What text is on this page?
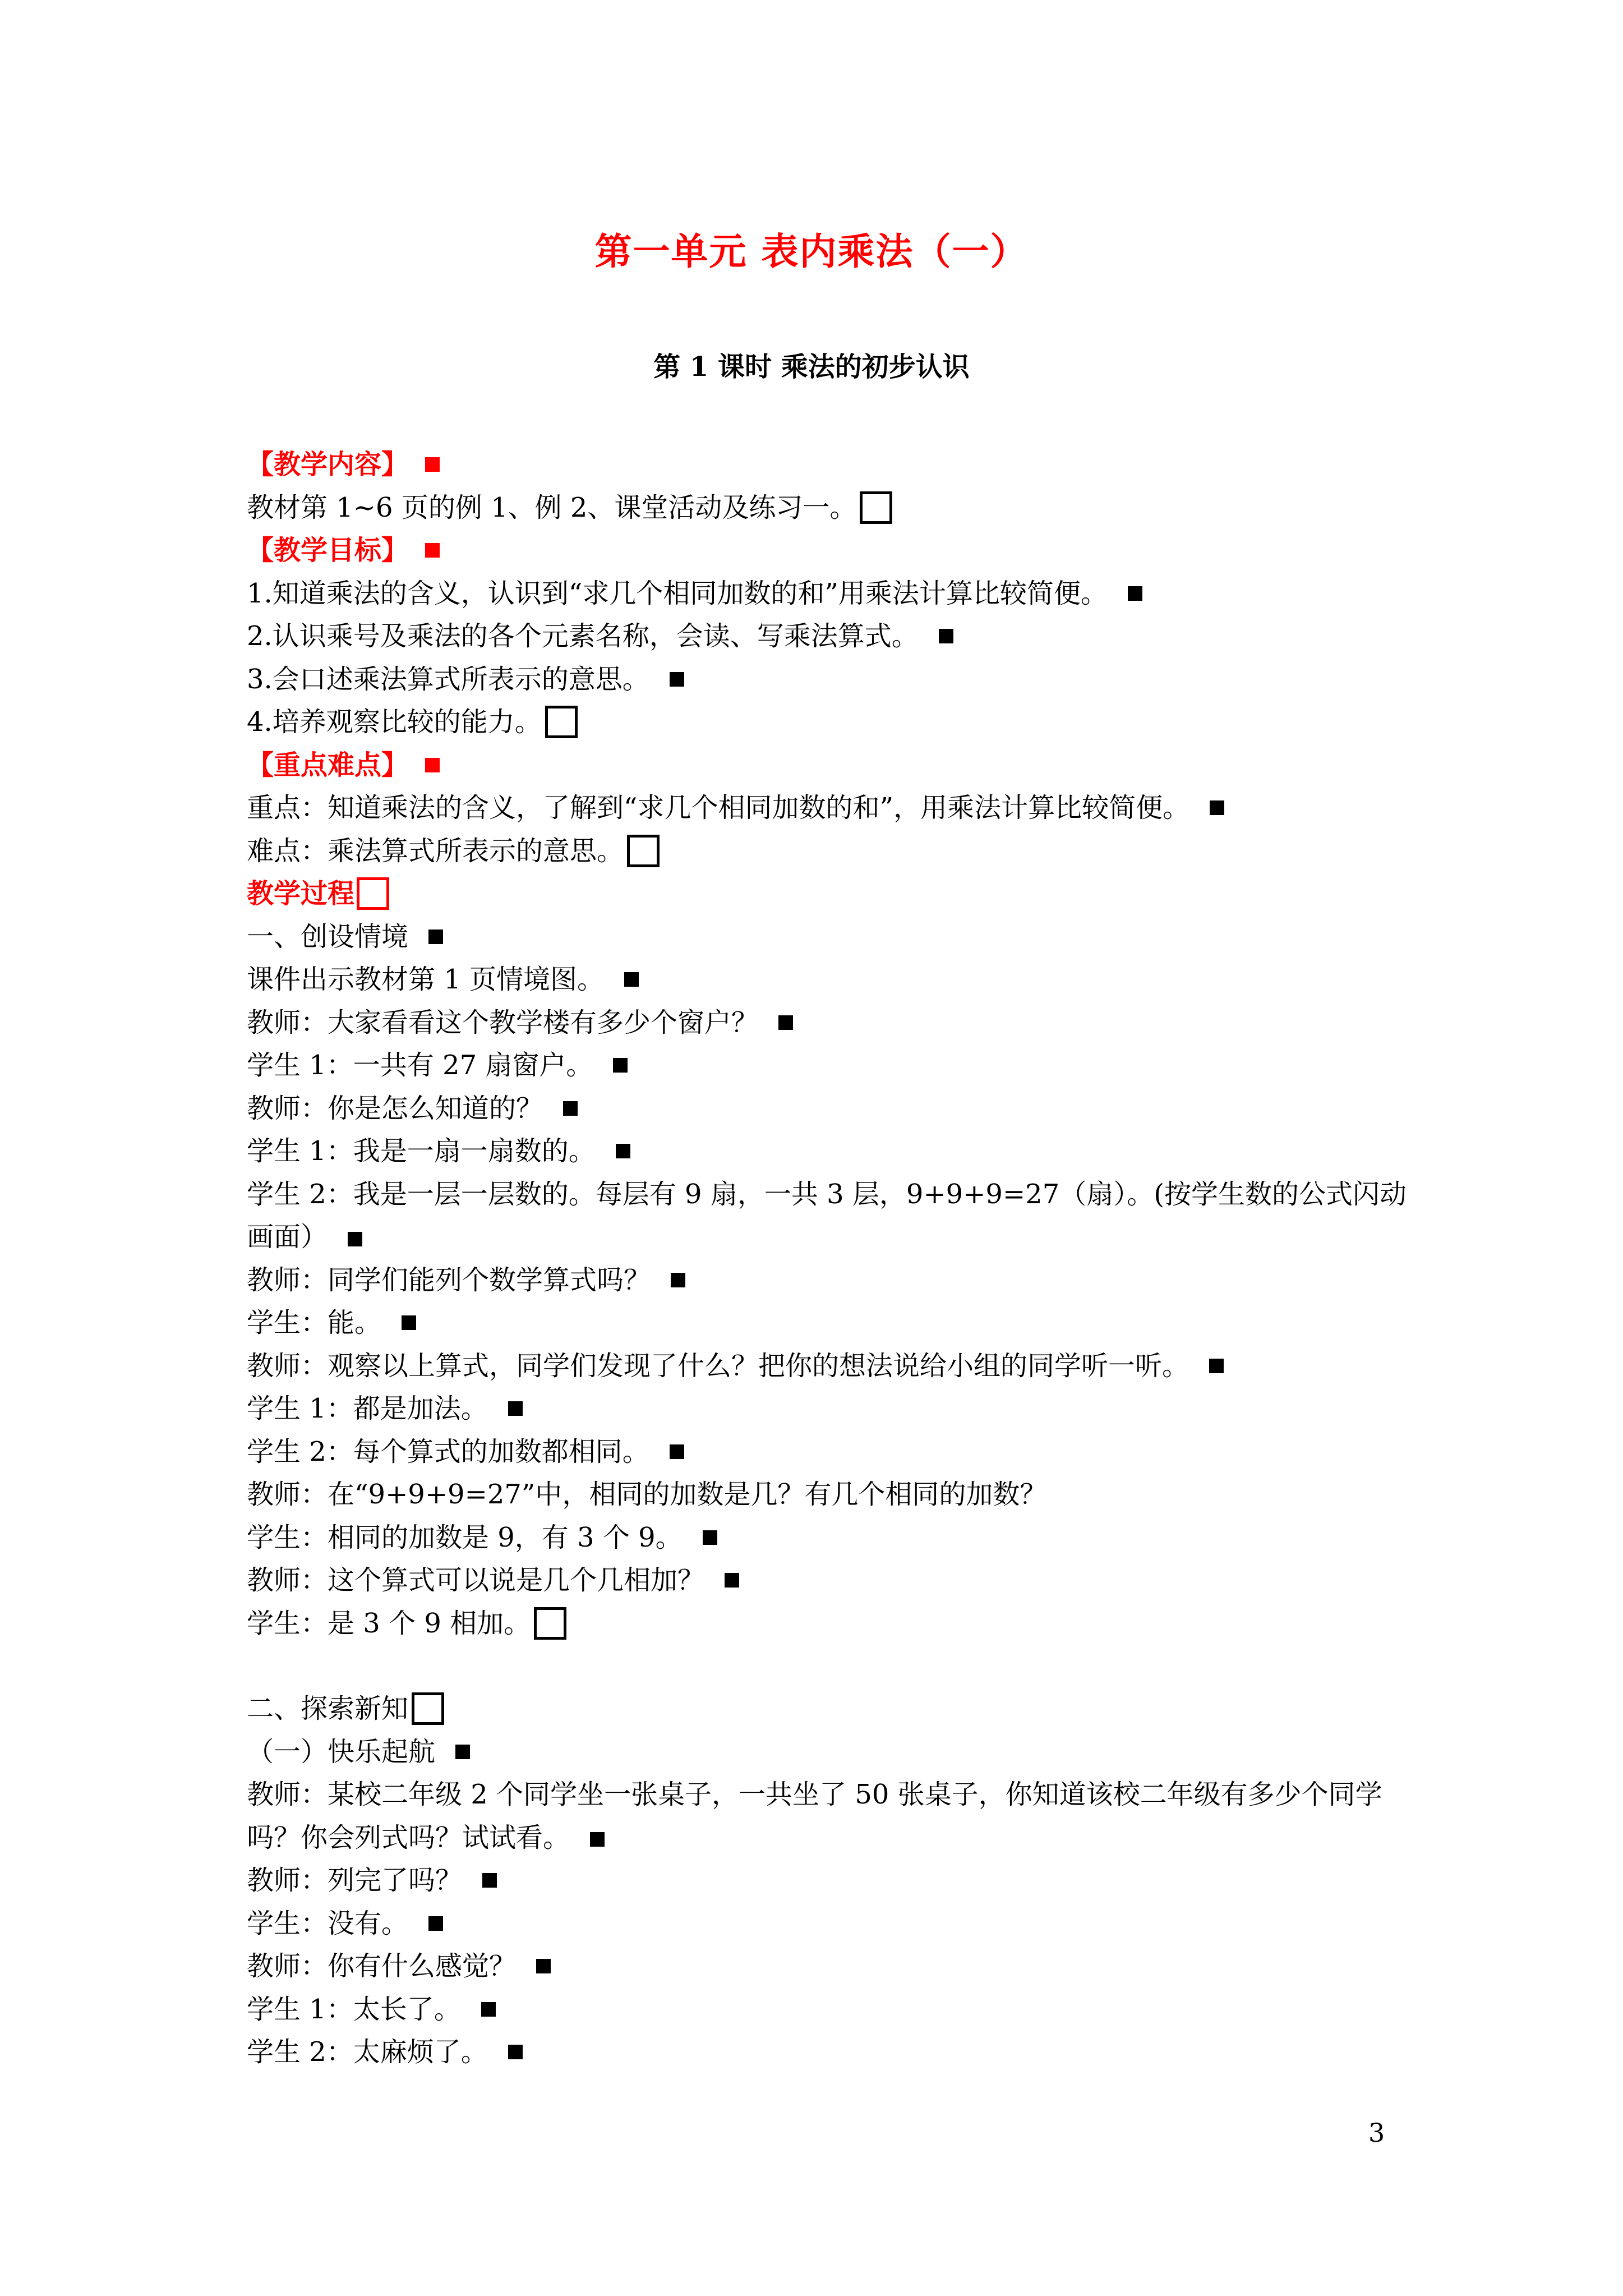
第一单元 表内乘法（一）
第 1 课时 乘法的初步认识
【教学内容】
教材第 1~6 页的例 1、例 2、课堂活动及练习一。
【教学目标】
1.知道乘法的含义，认识到“求几个相同加数的和”用乘法计算比较简便。
2.认识乘号及乘法的各个元素名称，会读、写乘法算式。
3.会口述乘法算式所表示的意思。
4.培养观察比较的能力。
【重点难点】
重点：知道乘法的含义，了解到“求几个相同加数的和”，用乘法计算比较简便。
难点：乘法算式所表示的意思。
教学过程
一、创设情境
课件出示教材第 1 页情境图。
教师：大家看看这个教学楼有多少个窗户？
学生 1：一共有 27 扇窗户。
教师：你是怎么知道的？
学生 1：我是一扇一扇数的。
学生 2：我是一层一层数的。每层有 9 扇，一共 3 层，9+9+9=27（扇）。(按学生数的公式闪动画面）
教师：同学们能列个数学算式吗？
学生：能。
教师：观察以上算式，同学们发现了什么？把你的想法说给小组的同学听一听。
学生 1：都是加法。
学生 2：每个算式的加数都相同。
教师：在“9+9+9=27”中，相同的加数是几？有几个相同的加数？
学生：相同的加数是 9，有 3 个 9。
教师：这个算式可以说是几个几相加？
学生：是 3 个 9 相加。
二、探索新知
（一）快乐起航
教师：某校二年级 2 个同学坐一张桌子，一共坐了 50 张桌子，你知道该校二年级有多少个同学吗？你会列式吗？试试看。
教师：列完了吗？
学生：没有。
教师：你有什么感觉？
学生 1：太长了。
学生 2：太麻烦了。
3
